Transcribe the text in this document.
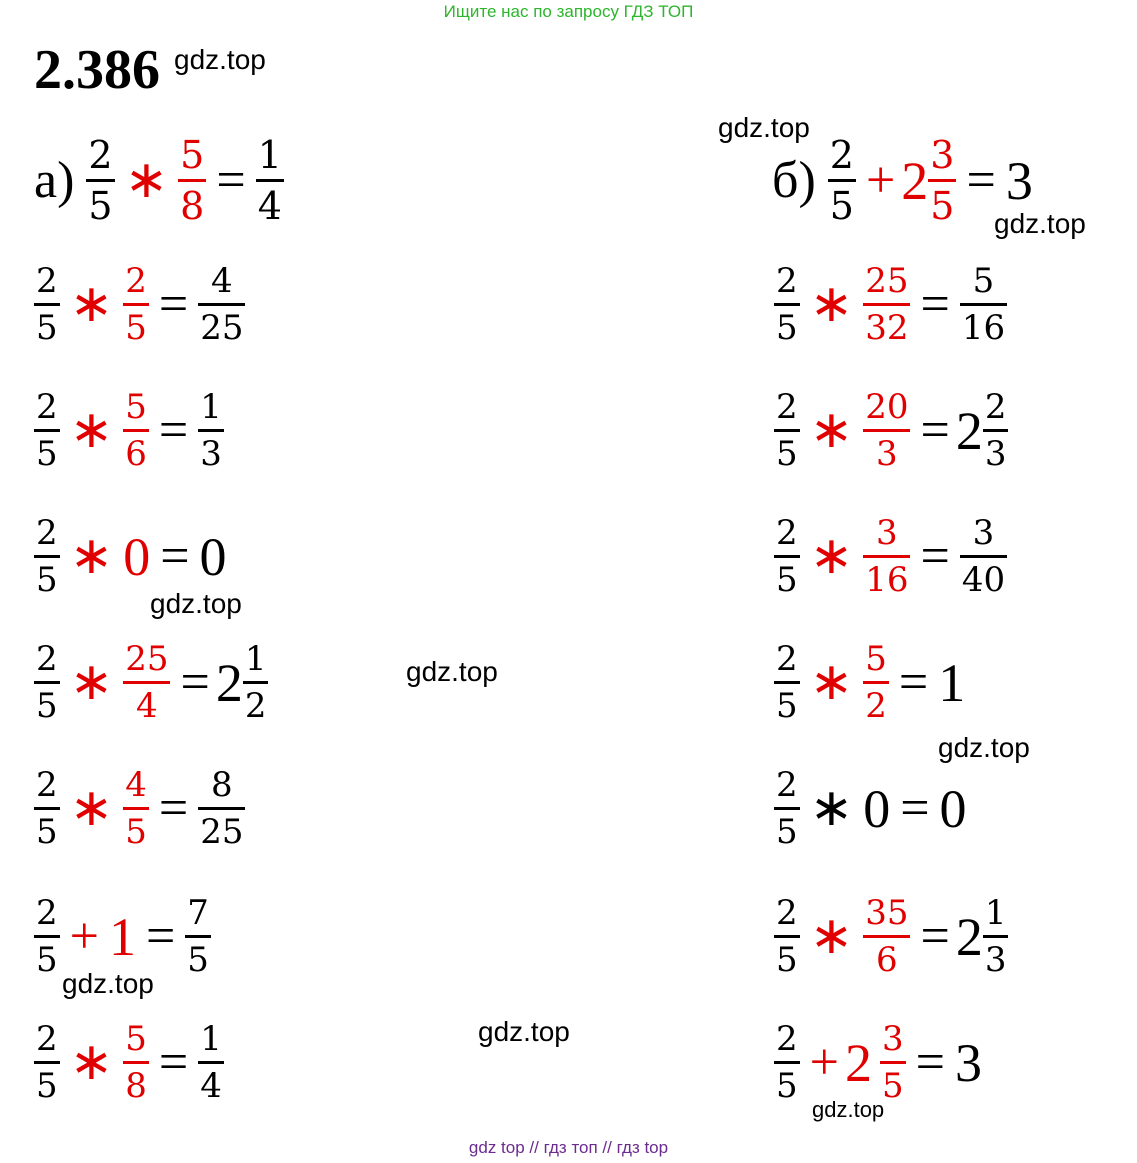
Ищите нас по запросу ГДЗ ТОП
2.386
gdz top // гдз топ // гдз top
gdz.top
gdz.top
gdz.top
gdz.top
gdz.top
gdz.top
gdz.top
gdz.top
gdz.top
$а) \frac{2}{5}$ ∗ $\frac{5}{8} = \frac{1}{4}$
$\frac{2}{5}$ ∗ $\frac{2}{5} = \frac{4}{25}$
$\frac{2}{5}$ ∗ $\frac{5}{6} = \frac{1}{3}$
$\frac{2}{5}$ ∗ 0 = 0
$\frac{2}{5}$ ∗ $\frac{25}{4} = 2 \frac{1}{2}$
$\frac{2}{5}$ ∗ $\frac{4}{5} = \frac{8}{25}$
$\frac{2}{5} + 1 = \frac{7}{5}$
$\frac{2}{5}$ ∗ $\frac{5}{8} = \frac{1}{4}$
$б) \frac{2}{5} + 2 \frac{3}{5} = 3$
$\frac{2}{5}$ ∗ $\frac{25}{32} = \frac{5}{16}$
$\frac{2}{5}$ ∗ $\frac{20}{3} = 2 \frac{2}{3}$
$\frac{2}{5}$ ∗ $\frac{3}{16} = \frac{3}{40}$
$\frac{2}{5}$ ∗ $\frac{5}{2} = 1$
$\frac{2}{5}$ ∗ 0 = 0
$\frac{2}{5}$ ∗ $\frac{35}{6} = 2 \frac{1}{3}$
$\frac{2}{5} + 2 \frac{3}{5} = 3$
